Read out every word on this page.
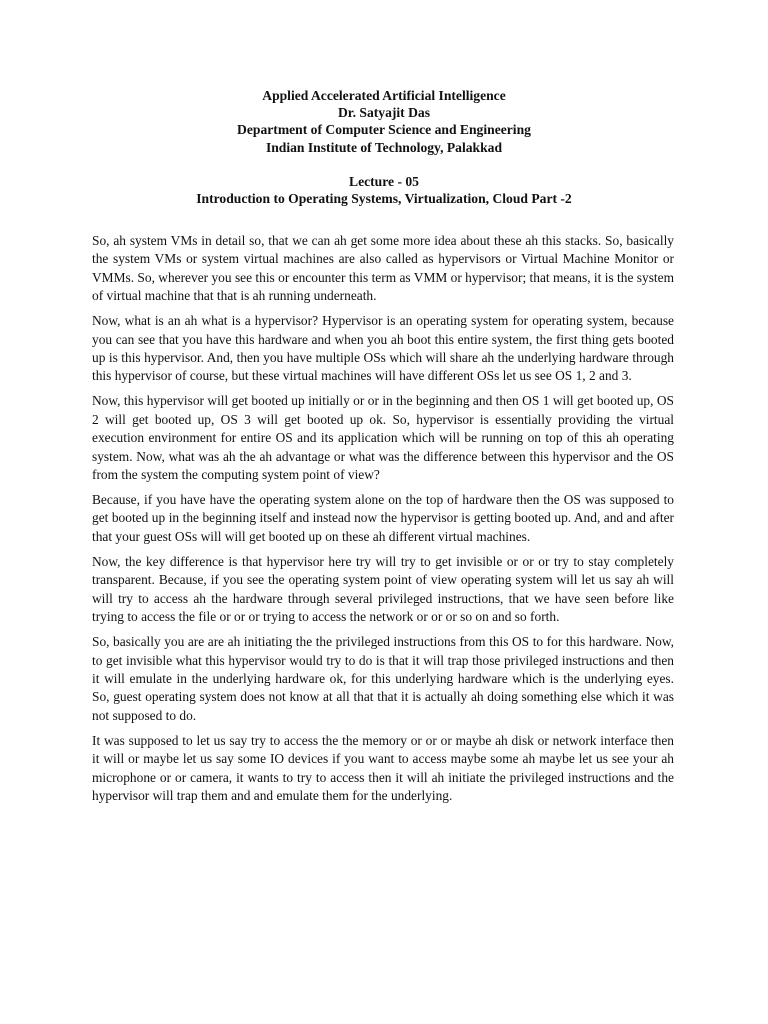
Applied Accelerated Artificial Intelligence
Dr. Satyajit Das
Department of Computer Science and Engineering
Indian Institute of Technology, Palakkad
Lecture - 05
Introduction to Operating Systems, Virtualization, Cloud Part -2

So, ah system VMs in detail so, that we can ah get some more idea about these ah this stacks. So, basically the system VMs or system virtual machines are also called as hypervisors or Virtual Machine Monitor or VMMs. So, wherever you see this or encounter this term as VMM or hypervisor; that means, it is the system of virtual machine that that is ah running underneath.

Now, what is an ah what is a hypervisor? Hypervisor is an operating system for operating system, because you can see that you have this hardware and when you ah boot this entire system, the first thing gets booted up is this hypervisor. And, then you have multiple OSs which will share ah the underlying hardware through this hypervisor of course, but these virtual machines will have different OSs let us see OS 1, 2 and 3.

Now, this hypervisor will get booted up initially or or in the beginning and then OS 1 will get booted up, OS 2 will get booted up, OS 3 will get booted up ok. So, hypervisor is essentially providing the virtual execution environment for entire OS and its application which will be running on top of this ah operating system. Now, what was ah the ah advantage or what was the difference between this hypervisor and the OS from the system the computing system point of view?

Because, if you have have the operating system alone on the top of hardware then the OS was supposed to get booted up in the beginning itself and instead now the hypervisor is getting booted up. And, and and after that your guest OSs will will get booted up on these ah different virtual machines.

Now, the key difference is that hypervisor here try will try to get invisible or or or try to stay completely transparent. Because, if you see the operating system point of view operating system will let us say ah will will try to access ah the hardware through several privileged instructions, that we have seen before like trying to access the file or or or trying to access the network or or or so on and so forth.

So, basically you are are ah initiating the the privileged instructions from this OS to for this hardware. Now, to get invisible what this hypervisor would try to do is that it will trap those privileged instructions and then it will emulate in the underlying hardware ok, for this underlying hardware which is the underlying eyes. So, guest operating system does not know at all that that it is actually ah doing something else which it was not supposed to do.

It was supposed to let us say try to access the the memory or or or maybe ah disk or network interface then it will or maybe let us say some IO devices if you want to access maybe some ah maybe let us see your ah microphone or or camera, it wants to try to access then it will ah initiate the privileged instructions and the hypervisor will trap them and and emulate them for the underlying.
